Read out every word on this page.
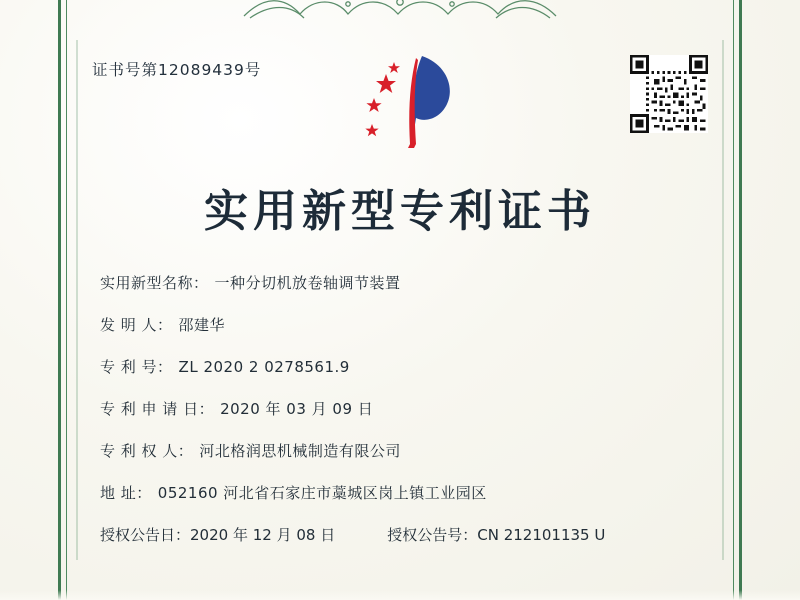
证书号第12089439号
实用新型专利证书
实用新型名称： 一种分切机放卷轴调节装置
发 明 人： 邵建华
专 利 号： ZL 2020 2 0278561.9
专 利 申 请 日： 2020 年 03 月 09 日
专 利 权 人： 河北格润思机械制造有限公司
地 址： 052160 河北省石家庄市藁城区岗上镇工业园区
授权公告日： 2020 年 12 月 08 日	授权公告号： CN 212101135 U
